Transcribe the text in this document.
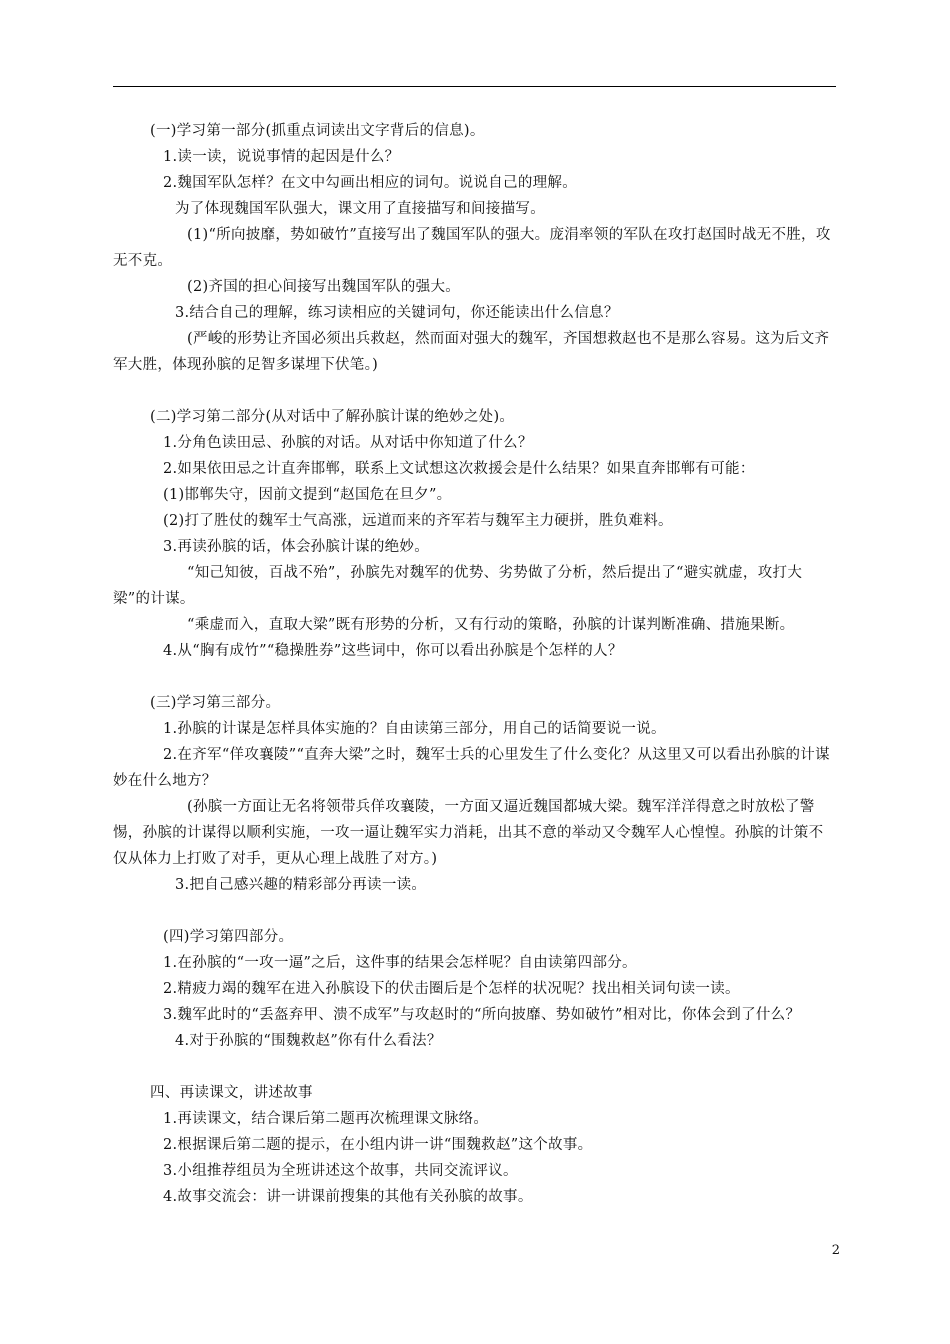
(一)学习第一部分(抓重点词读出文字背后的信息)。

1.读一读，说说事情的起因是什么？

2.魏国军队怎样？在文中勾画出相应的词句。说说自己的理解。

为了体现魏国军队强大，课文用了直接描写和间接描写。

(1)“所向披靡，势如破竹”直接写出了魏国军队的强大。庞涓率领的军队在攻打赵国时战无不胜，攻无不克。

(2)齐国的担心间接写出魏国军队的强大。

3.结合自己的理解，练习读相应的关键词句，你还能读出什么信息？

(严峻的形势让齐国必须出兵救赵，然而面对强大的魏军，齐国想救赵也不是那么容易。这为后文齐军大胜，体现孙膑的足智多谋埋下伏笔。)

(二)学习第二部分(从对话中了解孙膑计谋的绝妙之处)。

1.分角色读田忌、孙膑的对话。从对话中你知道了什么？

2.如果依田忌之计直奔邯郸，联系上文试想这次救援会是什么结果？如果直奔邯郸有可能：

(1)邯郸失守，因前文提到“赵国危在旦夕”。

(2)打了胜仗的魏军士气高涨，远道而来的齐军若与魏军主力硬拼，胜负难料。

3.再读孙膑的话，体会孙膑计谋的绝妙。

“知己知彼，百战不殆”，孙膑先对魏军的优势、劣势做了分析，然后提出了“避实就虚，攻打大梁”的计谋。

“乘虚而入，直取大梁”既有形势的分析，又有行动的策略，孙膑的计谋判断准确、措施果断。

4.从“胸有成竹”“稳操胜券”这些词中，你可以看出孙膑是个怎样的人？

(三)学习第三部分。

1.孙膑的计谋是怎样具体实施的？自由读第三部分，用自己的话简要说一说。

2.在齐军“佯攻襄陵”“直奔大梁”之时，魏军士兵的心里发生了什么变化？从这里又可以看出孙膑的计谋妙在什么地方？

(孙膑一方面让无名将领带兵佯攻襄陵，一方面又逼近魏国都城大梁。魏军洋洋得意之时放松了警惕，孙膑的计谋得以顺利实施，一攻一逼让魏军实力消耗，出其不意的举动又令魏军人心惶惶。孙膑的计策不仅从体力上打败了对手，更从心理上战胜了对方。)

3.把自己感兴趣的精彩部分再读一读。

(四)学习第四部分。

1.在孙膑的“一攻一逼”之后，这件事的结果会怎样呢？自由读第四部分。

2.精疲力竭的魏军在进入孙膑设下的伏击圈后是个怎样的状况呢？找出相关词句读一读。

3.魏军此时的“丢盔弃甲、溃不成军”与攻赵时的“所向披靡、势如破竹”相对比，你体会到了什么？

4.对于孙膑的“围魏救赵”你有什么看法？

四、再读课文，讲述故事

1.再读课文，结合课后第二题再次梳理课文脉络。

2.根据课后第二题的提示，在小组内讲一讲“围魏救赵”这个故事。

3.小组推荐组员为全班讲述这个故事，共同交流评议。

4.故事交流会：讲一讲课前搜集的其他有关孙膑的故事。

2
